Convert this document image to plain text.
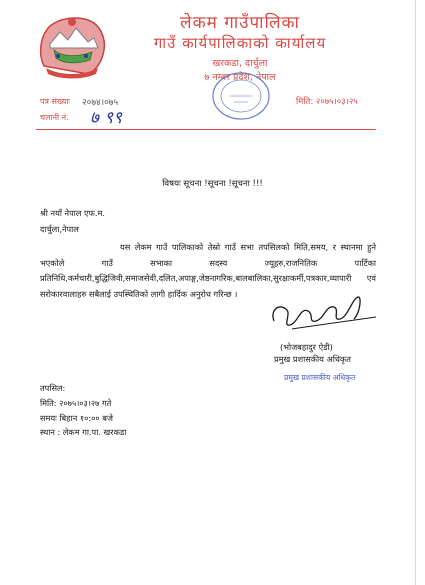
लेकम गाउँपालिका
गाउँ कार्यपालिकाको कार्यालय
खरकडा, दार्चुला
७ नम्बर प्रदेश, नेपाल
पत्र संख्याः २०७४।०७५
चलानी नं. ७ ९९
मिति: २०७५।०३।२५
विषयः सूचना !सूचना !सूचना !!!
श्री नयाँ नेपाल एफ.म.
दार्चुला,नेपाल
यस लेकम गाउँ पालिकाको तेस्रो गाउँ सभा तपसिलको मिति,समय, र स्थानमा हुने भएकोले गाउँ सभाका सदस्य ज्यूहरु,राजनितिक पार्टिका प्रतिनिधि,कर्मचारी,बुद्धिजिवी,समाजसेवी,दलित,अपाङ्ग,जेष्ठनागरिक,बालबालिका,सुरक्षाकर्मी,पत्रकार,व्यापारी एवं सरोकारवालाहरु सबैलाई उपस्थितिको लागी हार्दिक अनुरोध गरिन्छ ।
(भोजबहादुर ऐडी)
प्रमुख प्रशासकीय अधिकृत
प्रमुख प्रशासकीय अधिकृत
तपसिल:
मिति: २०७५।०३।२७ गते
समयः बिहान १०:०० बजे
स्थान : लेकम गा.पा. खरकडा
